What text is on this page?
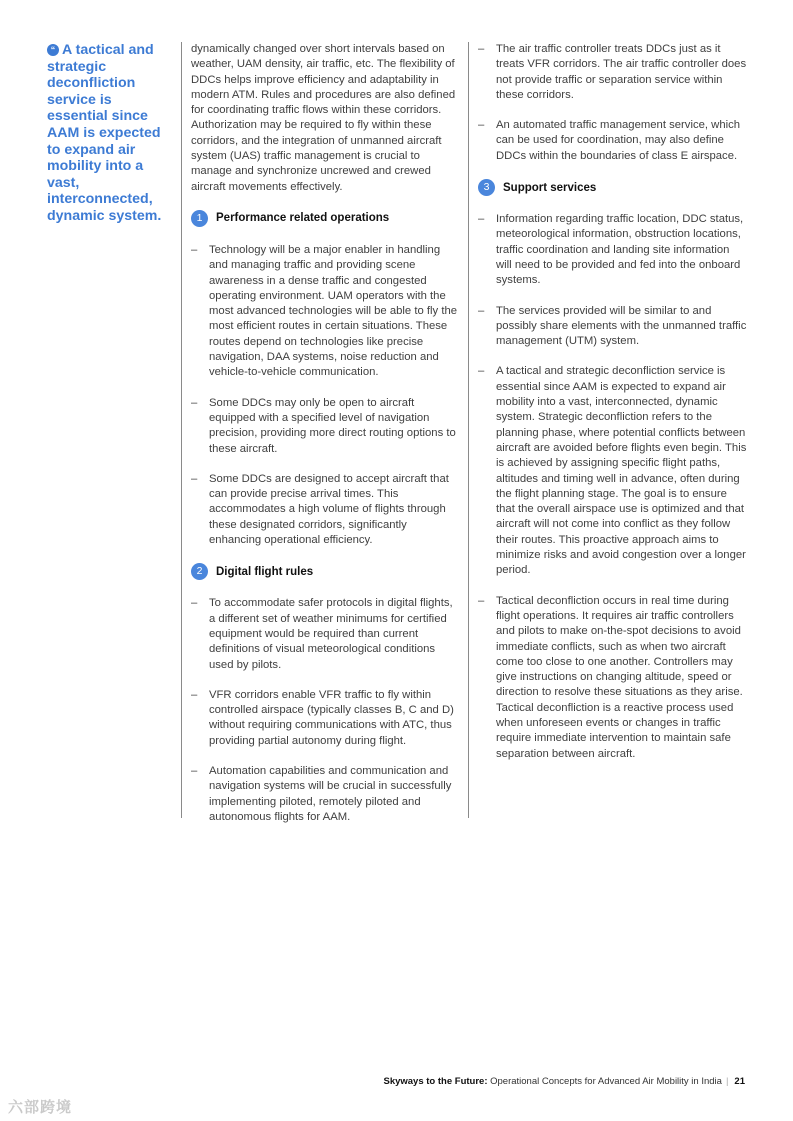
“ A tactical and strategic deconfliction service is essential since AAM is expected to expand air mobility into a vast, interconnected, dynamic system.

dynamically changed over short intervals based on weather, UAM density, air traffic, etc. The flexibility of DDCs helps improve efficiency and adaptability in modern ATM. Rules and procedures are also defined for coordinating traffic flows within these corridors. Authorization may be required to fly within these corridors, and the integration of unmanned aircraft system (UAS) traffic management is crucial to manage and synchronize uncrewed and crewed aircraft movements effectively.

1	Performance related operations
– Technology will be a major enabler in handling and managing traffic and providing scene awareness in a dense traffic and congested operating environment. UAM operators with the most advanced technologies will be able to fly the most efficient routes in certain situations. These routes depend on technologies like precise navigation, DAA systems, noise reduction and vehicle-to-vehicle communication.
– Some DDCs may only be open to aircraft equipped with a specified level of navigation precision, providing more direct routing options to these aircraft.
– Some DDCs are designed to accept aircraft that can provide precise arrival times. This accommodates a high volume of flights through these designated corridors, significantly enhancing operational efficiency.
2	Digital flight rules
– To accommodate safer protocols in digital flights, a different set of weather minimums for certified equipment would be required than current definitions of visual meteorological conditions used by pilots.
– VFR corridors enable VFR traffic to fly within controlled airspace (typically classes B, C and D) without requiring communications with ATC, thus providing partial autonomy during flight.
– Automation capabilities and communication and navigation systems will be crucial in successfully implementing piloted, remotely piloted and autonomous flights for AAM.
– The air traffic controller treats DDCs just as it treats VFR corridors. The air traffic controller does not provide traffic or separation service within these corridors.
– An automated traffic management service, which can be used for coordination, may also define DDCs within the boundaries of class E airspace.
3	Support services
– Information regarding traffic location, DDC status, meteorological information, obstruction locations, traffic coordination and landing site information will need to be provided and fed into the onboard systems.
– The services provided will be similar to and possibly share elements with the unmanned traffic management (UTM) system.
– A tactical and strategic deconfliction service is essential since AAM is expected to expand air mobility into a vast, interconnected, dynamic system. Strategic deconfliction refers to the planning phase, where potential conflicts between aircraft are avoided before flights even begin. This is achieved by assigning specific flight paths, altitudes and timing well in advance, often during the flight planning stage. The goal is to ensure that the overall airspace use is optimized and that aircraft will not come into conflict as they follow their routes. This proactive approach aims to minimize risks and avoid congestion over a longer period.
– Tactical deconfliction occurs in real time during flight operations. It requires air traffic controllers and pilots to make on-the-spot decisions to avoid immediate conflicts, such as when two aircraft come too close to one another. Controllers may give instructions on changing altitude, speed or direction to resolve these situations as they arise. Tactical deconfliction is a reactive process used when unforeseen events or changes in traffic require immediate intervention to maintain safe separation between aircraft.
Skyways to the Future: Operational Concepts for Advanced Air Mobility in India | 21
六部跨境
